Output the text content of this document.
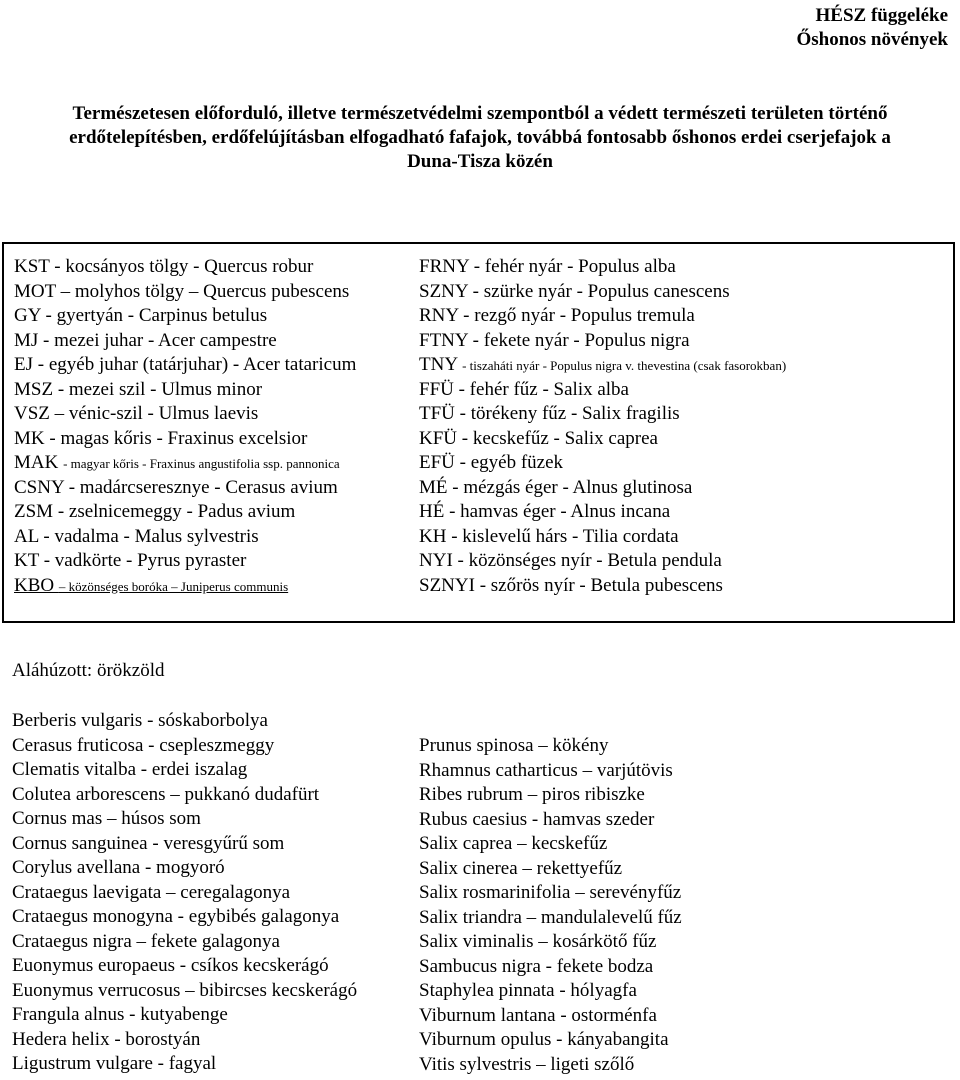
HÉSZ függeléke
Őshonos növények
Természetesen előforduló, illetve természetvédelmi szempontból a védett természeti területen történő
erdőtelepítésben, erdőfelújításban elfogadható fafajok, továbbá fontosabb őshonos erdei cserjefajok a
Duna-Tisza közén
KST - kocsányos tölgy - Quercus robur
MOT – molyhos tölgy – Quercus pubescens
GY - gyertyán - Carpinus betulus
MJ - mezei juhar - Acer campestre
EJ - egyéb juhar (tatárjuhar) - Acer tataricum
MSZ - mezei szil - Ulmus minor
VSZ – vénic-szil - Ulmus laevis
MK - magas kőris - Fraxinus excelsior
MAK - magyar kőris - Fraxinus angustifolia ssp. pannonica
CSNY - madárcseresznye - Cerasus avium
ZSM - zselnicemeggy - Padus avium
AL - vadalma - Malus sylvestris
KT - vadkörte - Pyrus pyraster
KBO – közönséges boróka – Juniperus communis
FRNY - fehér nyár - Populus alba
SZNY - szürke nyár - Populus canescens
RNY - rezgő nyár - Populus tremula
FTNY - fekete nyár - Populus nigra
TNY - tiszaháti nyár - Populus nigra v. thevestina (csak fasorokban)
FFÜ - fehér fűz - Salix alba
TFÜ - törékeny fűz - Salix fragilis
KFÜ - kecskefűz - Salix caprea
EFÜ - egyéb füzek
MÉ - mézgás éger - Alnus glutinosa
HÉ - hamvas éger - Alnus incana
KH - kislevelű hárs - Tilia cordata
NYI - közönséges nyír - Betula pendula
SZNYI - szőrös nyír - Betula pubescens
Aláhúzott: örökzöld
Berberis vulgaris - sóskaborbolya
Cerasus fruticosa - csepleszmeggy
Clematis vitalba - erdei iszalag
Colutea arborescens – pukkanó dudafürt
Cornus mas – húsos som
Cornus sanguinea - veresgyűrű som
Corylus avellana - mogyoró
Crataegus laevigata – ceregalagonya
Crataegus monogyna - egybibés galagonya
Crataegus nigra – fekete galagonya
Euonymus europaeus - csíkos kecskerágó
Euonymus verrucosus – bibircses kecskerágó
Frangula alnus - kutyabenge
Hedera helix - borostyán
Ligustrum vulgare - fagyal
Prunus spinosa – kökény
Rhamnus catharticus – varjútövis
Ribes rubrum – piros ribiszke
Rubus caesius - hamvas szeder
Salix caprea – kecskefűz
Salix cinerea – rekettyefűz
Salix rosmarinifolia – serevényfűz
Salix triandra – mandulalevelű fűz
Salix viminalis – kosárkötő fűz
Sambucus nigra - fekete bodza
Staphylea pinnata - hólyagfa
Viburnum lantana - ostorménfa
Viburnum opulus - kányabangita
Vitis sylvestris – ligeti szőlő
